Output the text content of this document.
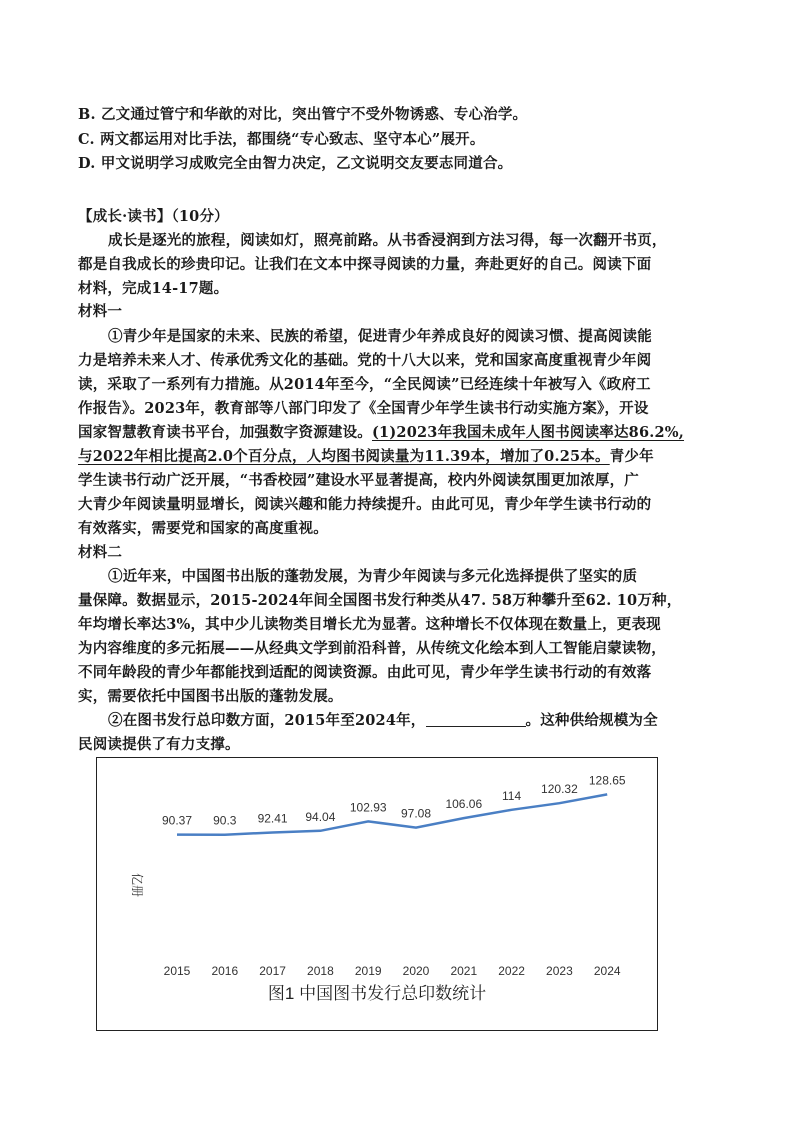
B. 乙文通过管宁和华歆的对比，突出管宁不受外物诱惑、专心治学。
C. 两文都运用对比手法，都围绕“专心致志、坚守本心”展开。
D. 甲文说明学习成败完全由智力决定，乙文说明交友要志同道合。
【成长·读书】（10分）
成长是逐光的旅程，阅读如灯，照亮前路。从书香浸润到方法习得，每一次翻开书页，
都是自我成长的珍贵印记。让我们在文本中探寻阅读的力量，奔赴更好的自己。阅读下面
材料，完成14-17题。
材料一
①青少年是国家的未来、民族的希望，促进青少年养成良好的阅读习惯、提高阅读能
力是培养未来人才、传承优秀文化的基础。党的十八大以来，党和国家高度重视青少年阅
读，采取了一系列有力措施。从2014年至今，“全民阅读”已经连续十年被写入《政府工
作报告》。2023年，教育部等八部门印发了《全国青少年学生读书行动实施方案》，开设
国家智慧教育读书平台，加强数字资源建设。(1)2023年我国未成年人图书阅读率达86.2%,
与2022年相比提高2.0个百分点，人均图书阅读量为11.39本，增加了0.25本。青少年
学生读书行动广泛开展，“书香校园”建设水平显著提高，校内外阅读氛围更加浓厚，广
大青少年阅读量明显增长，阅读兴趣和能力持续提升。由此可见，青少年学生读书行动的
有效落实，需要党和国家的高度重视。
材料二
①近年来，中国图书出版的蓬勃发展，为青少年阅读与多元化选择提供了坚实的质
量保障。数据显示，2015-2024年间全国图书发行种类从47. 58万种攀升至62. 10万种，
年均增长率达3%，其中少儿读物类目增长尤为显著。这种增长不仅体现在数量上，更表现
为内容维度的多元拓展——从经典文学到前沿科普，从传统文化绘本到人工智能启蒙读物，
不同年龄段的青少年都能找到适配的阅读资源。由此可见，青少年学生读书行动的有效落
实，需要依托中国图书出版的蓬勃发展。
②在图书发行总印数方面，2015年至2024年，	。这种供给规模为全
民阅读提供了有力支撑。
亿册
图1 中国图书发行总印数统计
90.37 90.3 92.41 94.04
102.93 97.08
106.06
114 120.32
128.65
2015 2016 2017 2018 2019 2020 2021 2022 2023 2024
